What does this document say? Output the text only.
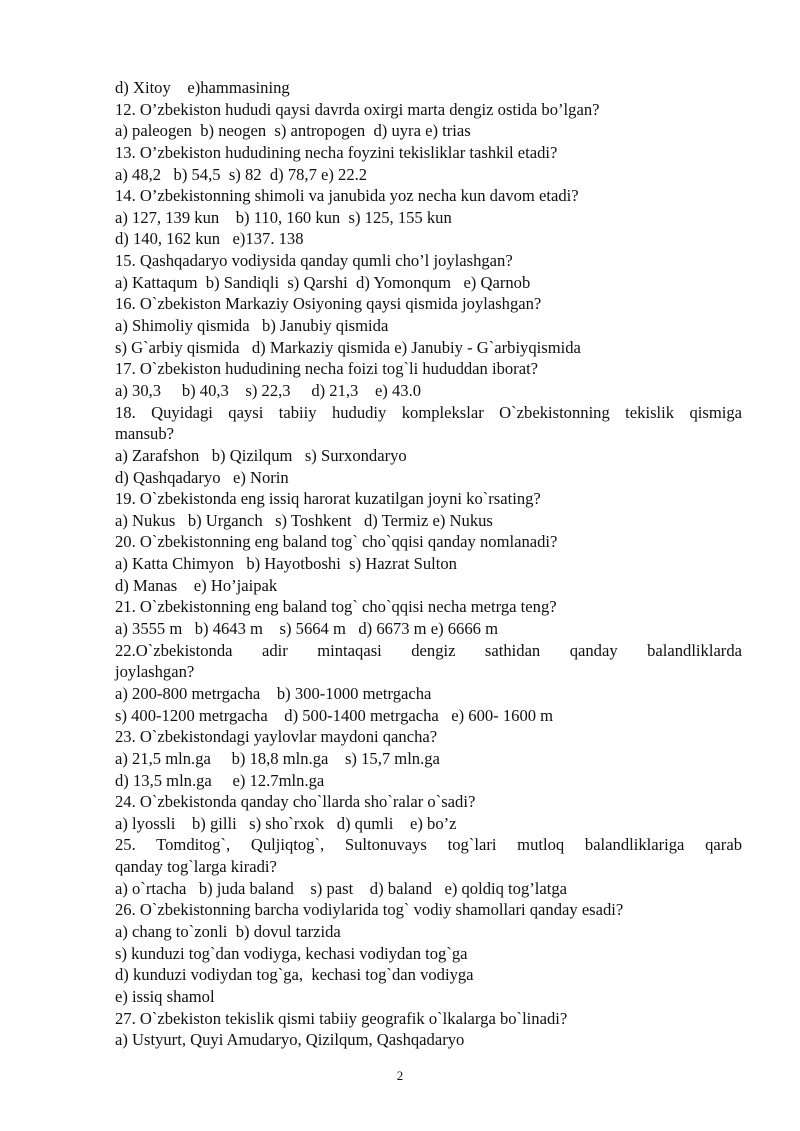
d) Xitoy    e)hammasining
12. O’zbekiston hududi qaysi davrda oxirgi marta dengiz ostida bo’lgan?
a) paleogen  b) neogen  s) antropogen  d) uyra e) trias
13. O’zbekiston hududining necha foyzini tekisliklar tashkil etadi?
a) 48,2   b) 54,5  s) 82  d) 78,7 e) 22.2
14. O’zbekistonning shimoli va janubida yoz necha kun davom etadi?
a) 127, 139 kun    b) 110, 160 kun  s) 125, 155 kun
d) 140, 162 kun   e)137. 138
15. Qashqadaryo vodiysida qanday qumli cho’l joylashgan?
a) Kattaqum  b) Sandiqli  s) Qarshi  d) Yomonqum   e) Qarnob
16. O`zbekiston Markaziy Osiyoning qaysi qismida joylashgan?
a) Shimoliy qismida   b) Janubiy qismida
s) G`arbiy qismida   d) Markaziy qismida e) Janubiy - G`arbiyqismida
17. O`zbekiston hududining necha foizi tog`li hududdan iborat?
a) 30,3     b) 40,3    s) 22,3     d) 21,3    e) 43.0
18. Quyidagi qaysi tabiiy hududiy komplekslar O`zbekistonning tekislik qismiga
mansub?
a) Zarafshon   b) Qizilqum   s) Surxondaryo
d) Qashqadaryo   e) Norin
19. O`zbekistonda eng issiq harorat kuzatilgan joyni ko`rsating?
a) Nukus   b) Urganch   s) Toshkent   d) Termiz e) Nukus
20. O`zbekistonning eng baland tog` cho`qqisi qanday nomlanadi?
a) Katta Chimyon   b) Hayotboshi  s) Hazrat Sulton
d) Manas    e) Ho’jaipak
21. O`zbekistonning eng baland tog` cho`qqisi necha metrga teng?
a) 3555 m   b) 4643 m    s) 5664 m   d) 6673 m e) 6666 m
22.O`zbekistonda adir mintaqasi dengiz sathidan qanday balandliklarda
joylashgan?
a) 200-800 metrgacha    b) 300-1000 metrgacha
s) 400-1200 metrgacha    d) 500-1400 metrgacha   e) 600- 1600 m
23. O`zbekistondagi yaylovlar maydoni qancha?
a) 21,5 mln.ga     b) 18,8 mln.ga    s) 15,7 mln.ga
d) 13,5 mln.ga     e) 12.7mln.ga
24. O`zbekistonda qanday cho`llarda sho`ralar o`sadi?
a) lyossli    b) gilli   s) sho`rxok   d) qumli    e) bo’z
25. Tomditog`, Quljiqtog`, Sultonuvays tog`lari mutloq balandliklariga qarab
qanday tog`larga kiradi?
a) o`rtacha   b) juda baland    s) past    d) baland   e) qoldiq tog’latga
26. O`zbekistonning barcha vodiylarida tog` vodiy shamollari qanday esadi?
a) chang to`zonli  b) dovul tarzida
s) kunduzi tog`dan vodiyga, kechasi vodiydan tog`ga
d) kunduzi vodiydan tog`ga,  kechasi tog`dan vodiyga
e) issiq shamol
27. O`zbekiston tekislik qismi tabiiy geografik o`lkalarga bo`linadi?
a) Ustyurt, Quyi Amudaryo, Qizilqum, Qashqadaryo
2
